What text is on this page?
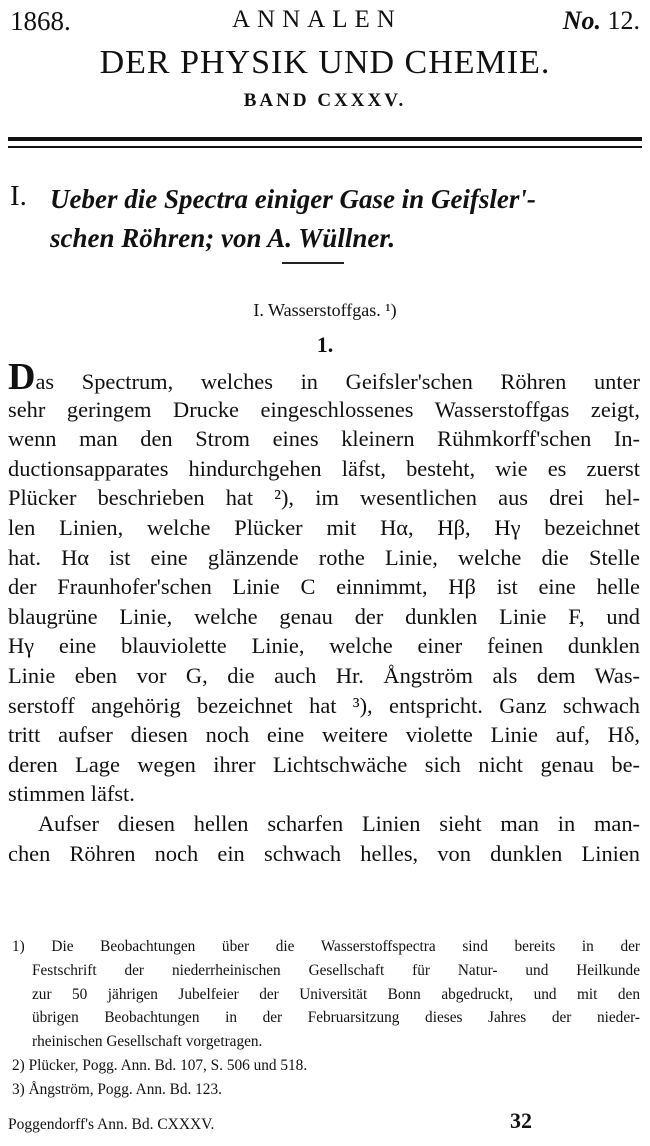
1868.	ANNALEN	No. 12.
DER PHYSIK UND CHEMIE.
BAND CXXXV.
I. Ueber die Spectra einiger Gase in Geifsler'-
schen Röhren; von A. Wüllner.
I. Wasserstoffgas. ¹)
1.
Das Spectrum, welches in Geifsler'schen Röhren unter
sehr geringem Drucke eingeschlossenes Wasserstoffgas zeigt,
wenn man den Strom eines kleinern Rühmkorff'schen In-
ductionsapparates hindurchgehen läfst, besteht, wie es zuerst
Plücker beschrieben hat ²), im wesentlichen aus drei hel-
len Linien, welche Plücker mit Hα, Hβ, Hγ bezeichnet
hat. Hα ist eine glänzende rothe Linie, welche die Stelle
der Fraunhofer'schen Linie C einnimmt, Hβ ist eine helle
blaugrüne Linie, welche genau der dunklen Linie F, und
Hγ eine blauviolette Linie, welche einer feinen dunklen
Linie eben vor G, die auch Hr. Ångström als dem Was-
serstoff angehörig bezeichnet hat ³), entspricht. Ganz schwach
tritt aufser diesen noch eine weitere violette Linie auf, Hδ,
deren Lage wegen ihrer Lichtschwäche sich nicht genau be-
stimmen läfst.
Aufser diesen hellen scharfen Linien sieht man in man-
chen Röhren noch ein schwach helles, von dunklen Linien
1) Die Beobachtungen über die Wasserstoffspectra sind bereits in der
Festschrift der niederrheinischen Gesellschaft für Natur- und Heilkunde
zur 50 jährigen Jubelfeier der Universität Bonn abgedruckt, und mit den
übrigen Beobachtungen in der Februarsitzung dieses Jahres der nieder-
rheinischen Gesellschaft vorgetragen.
2) Plücker, Pogg. Ann. Bd. 107, S. 506 und 518.
3) Ångström, Pogg. Ann. Bd. 123.
Poggendorff's Ann. Bd. CXXXV.	32
